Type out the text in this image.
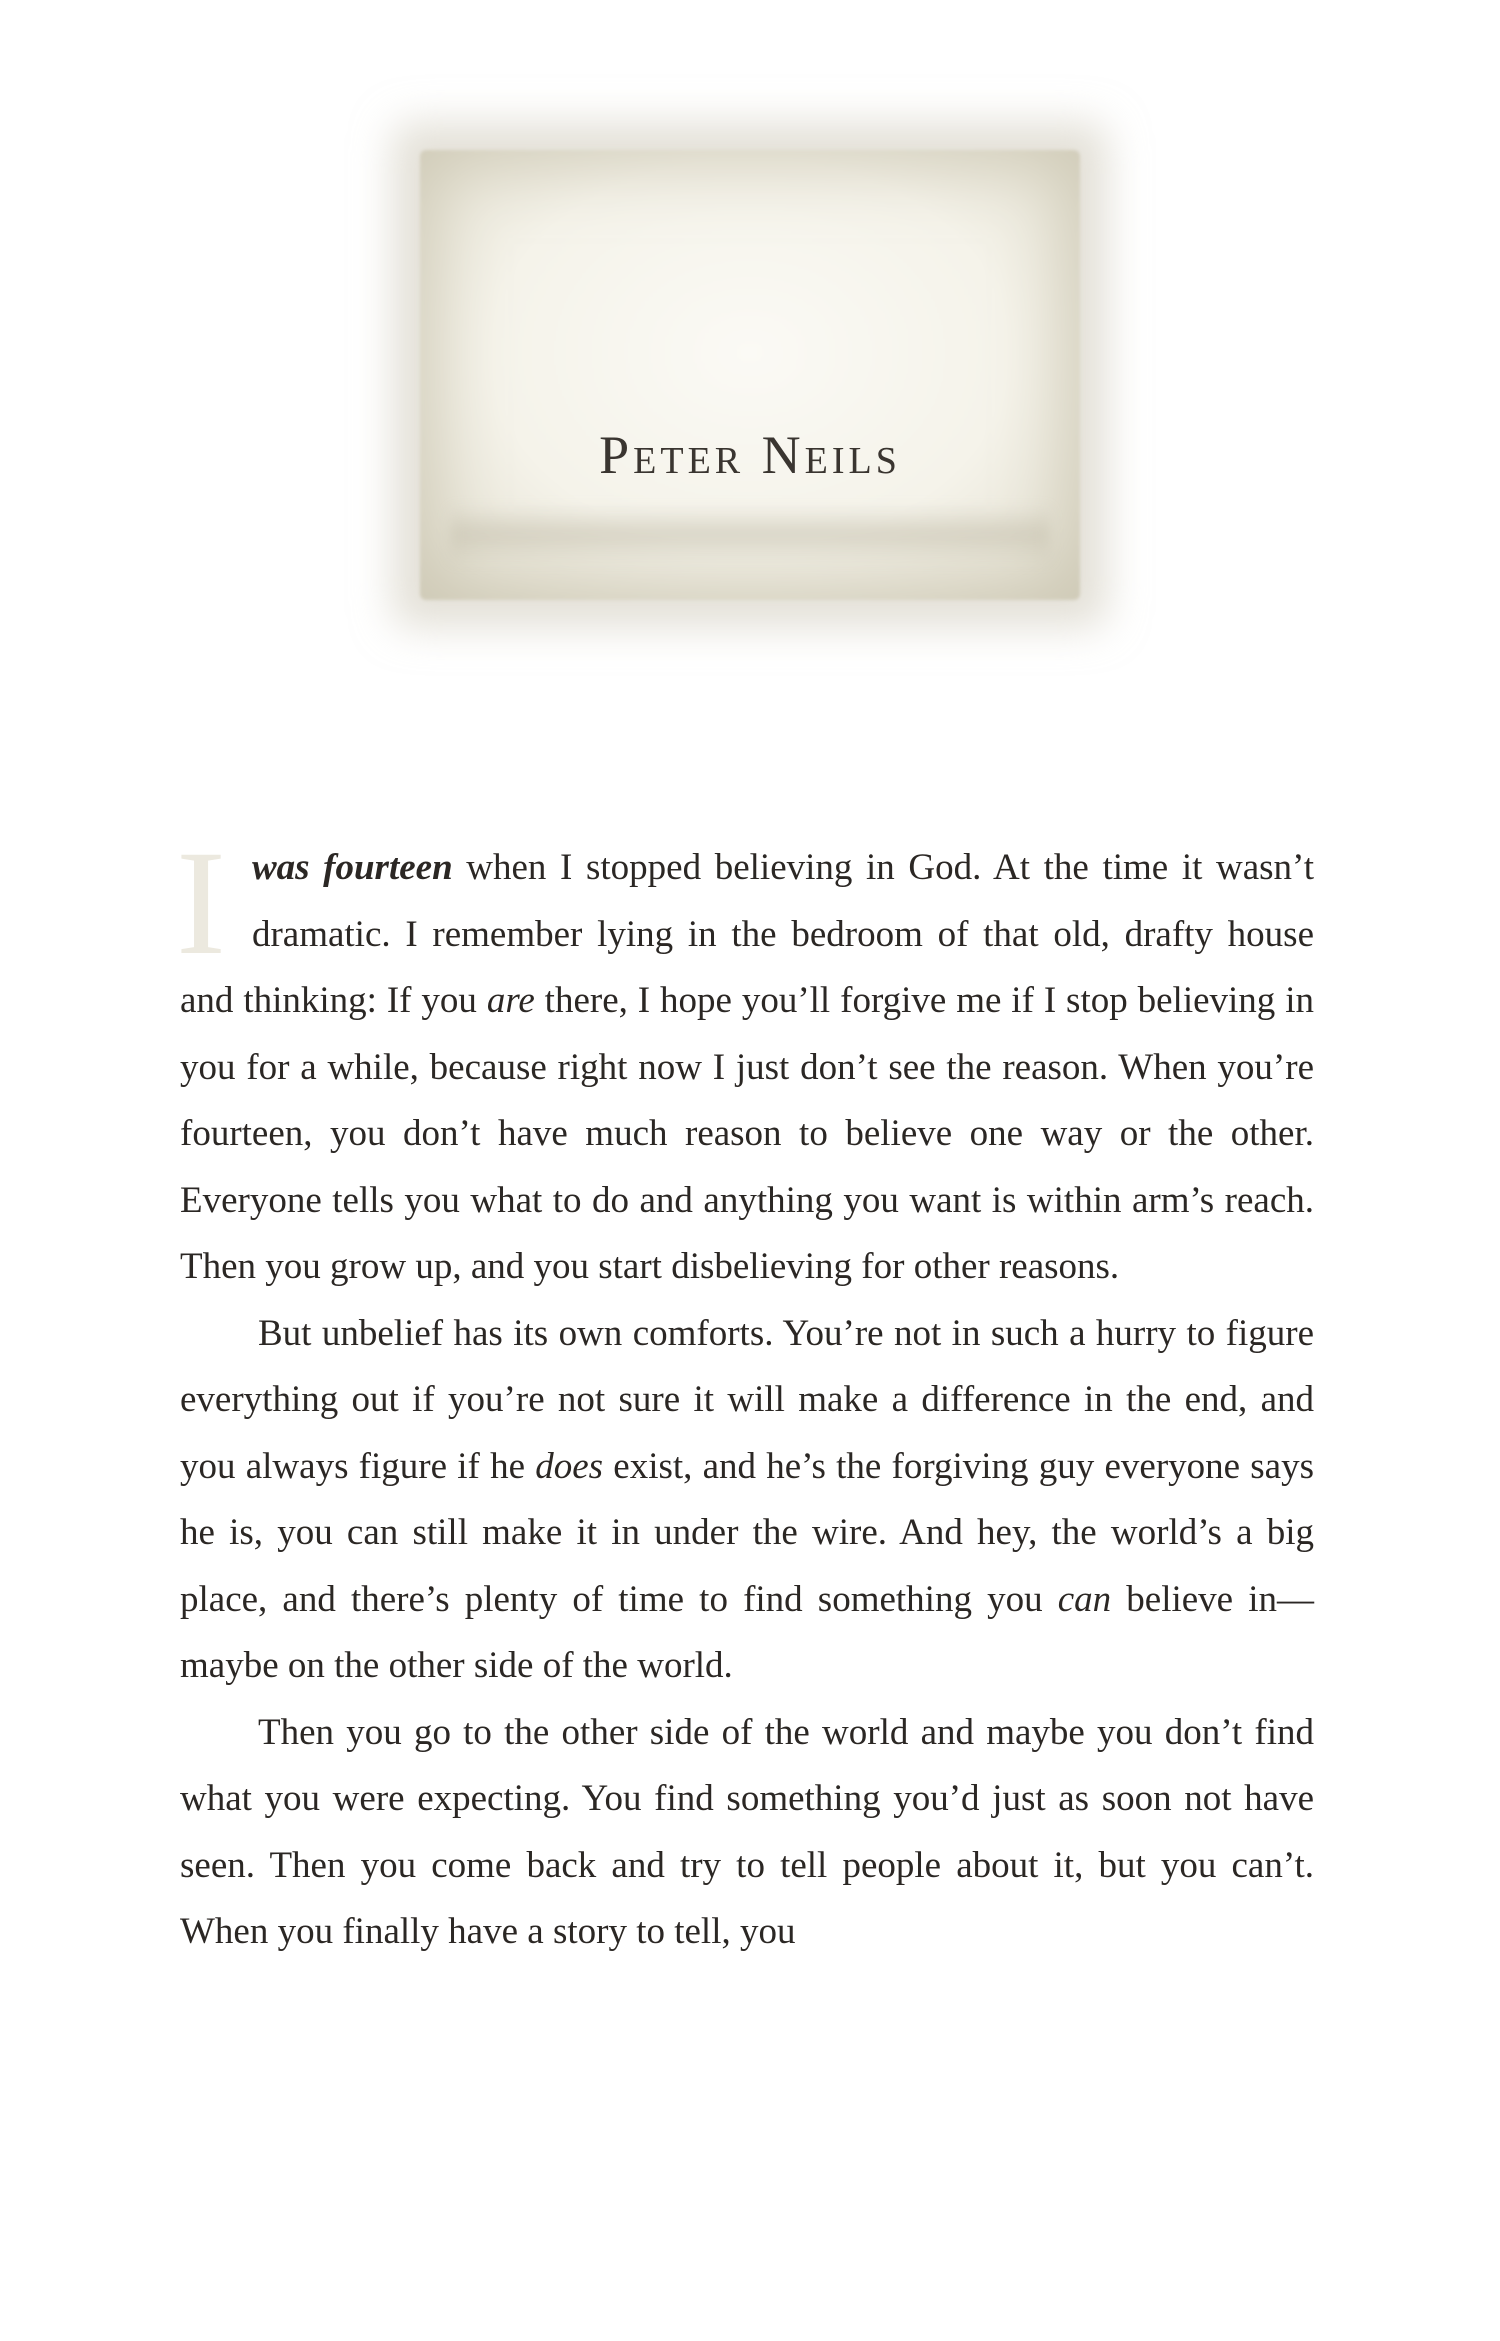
Peter Neils

Iwas fourteen when I stopped believing in God. At the time it wasn’t dramatic. I remember lying in the bedroom of that old, drafty house and thinking: If you are there, I hope you’ll forgive me if I stop believing in you for a while, because right now I just don’t see the reason. When you’re fourteen, you don’t have much reason to believe one way or the other. Everyone tells you what to do and anything you want is within arm’s reach. Then you grow up, and you start disbelieving for other reasons.

But unbelief has its own comforts. You’re not in such a hurry to figure everything out if you’re not sure it will make a difference in the end, and you always figure if he does exist, and he’s the forgiving guy everyone says he is, you can still make it in under the wire. And hey, the world’s a big place, and there’s plenty of time to find something you can believe in—maybe on the other side of the world.

Then you go to the other side of the world and maybe you don’t find what you were expecting. You find something you’d just as soon not have seen. Then you come back and try to tell people about it, but you can’t. When you finally have a story to tell, you
